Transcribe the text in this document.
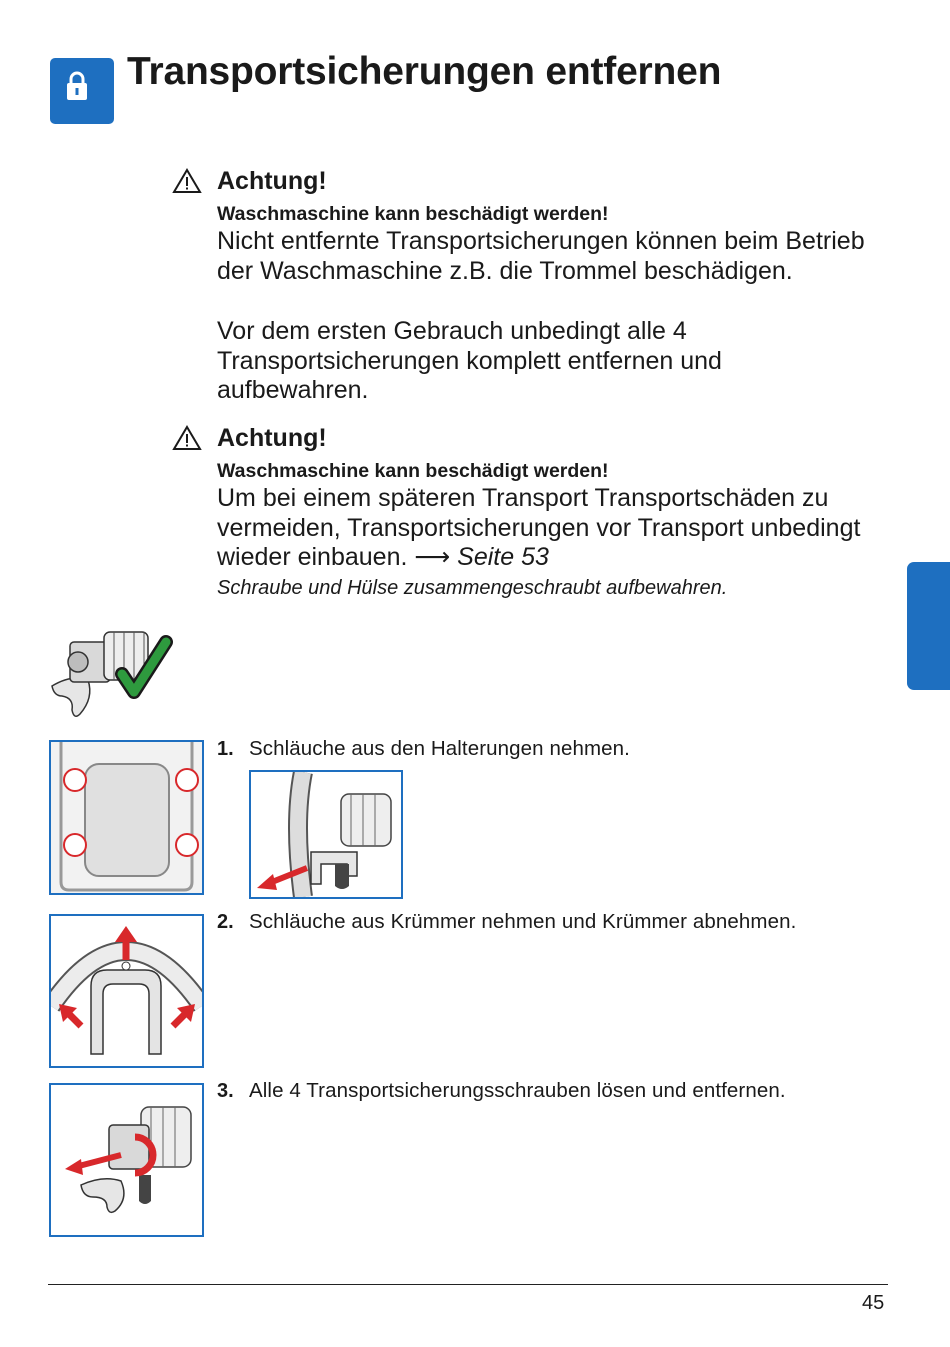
Transportsicherungen entfernen
Achtung!
Waschmaschine kann beschädigt werden!
Nicht entfernte Transportsicherungen können beim Betrieb der Waschmaschine z.B. die Trommel beschädigen.
Vor dem ersten Gebrauch unbedingt alle 4 Transportsicherungen komplett entfernen und aufbewahren.
Achtung!
Waschmaschine kann beschädigt werden!
Um bei einem späteren Transport Transportschäden zu vermeiden, Transportsicherungen vor Transport unbedingt wieder einbauen. ⟶ Seite 53
Schraube und Hülse zusammengeschraubt aufbewahren.
1. Schläuche aus den Halterungen nehmen.
2. Schläuche aus Krümmer nehmen und Krümmer abnehmen.
3. Alle 4 Transportsicherungsschrauben lösen und entfernen.
45
